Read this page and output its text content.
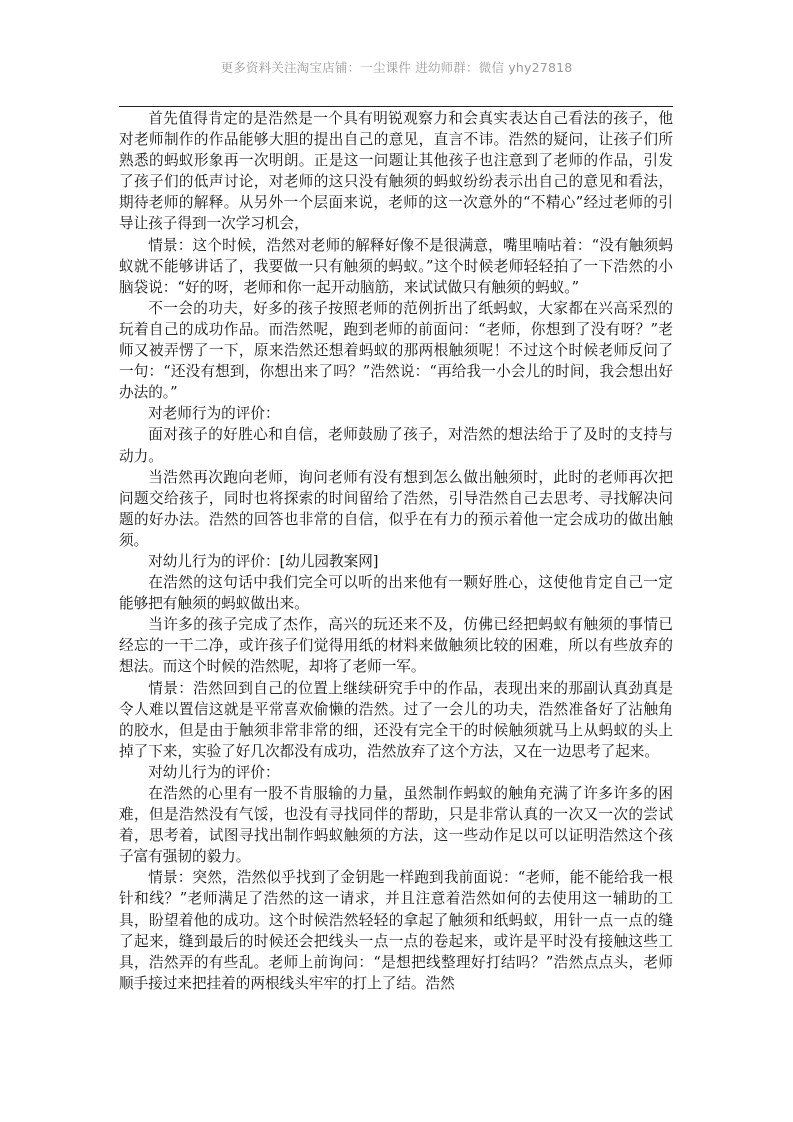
更多资料关注淘宝店铺：一尘课件 进幼师群：微信 yhy27818

首先值得肯定的是浩然是一个具有明锐观察力和会真实表达自己看法的孩子，他对老师制作的作品能够大胆的提出自己的意见，直言不讳。浩然的疑问，让孩子们所熟悉的蚂蚁形象再一次明朗。正是这一问题让其他孩子也注意到了老师的作品，引发了孩子们的低声讨论，对老师的这只没有触须的蚂蚁纷纷表示出自己的意见和看法，期待老师的解释。从另外一个层面来说，老师的这一次意外的“不精心”经过老师的引导让孩子得到一次学习机会，

情景：这个时候，浩然对老师的解释好像不是很满意，嘴里喃咕着：“没有触须蚂蚁就不能够讲话了，我要做一只有触须的蚂蚁。”这个时候老师轻轻拍了一下浩然的小脑袋说：“好的呀，老师和你一起开动脑筋，来试试做只有触须的蚂蚁。”

不一会的功夫，好多的孩子按照老师的范例折出了纸蚂蚁，大家都在兴高采烈的玩着自己的成功作品。而浩然呢，跑到老师的前面问：“老师，你想到了没有呀？”老师又被弄愣了一下，原来浩然还想着蚂蚁的那两根触须呢！不过这个时候老师反问了一句：“还没有想到，你想出来了吗？”浩然说：“再给我一小会儿的时间，我会想出好办法的。”

对老师行为的评价：

面对孩子的好胜心和自信，老师鼓励了孩子，对浩然的想法给于了及时的支持与动力。

当浩然再次跑向老师，询问老师有没有想到怎么做出触须时，此时的老师再次把问题交给孩子，同时也将探索的时间留给了浩然，引导浩然自己去思考、寻找解决问题的好办法。浩然的回答也非常的自信，似乎在有力的预示着他一定会成功的做出触须。

对幼儿行为的评价：[幼儿园教案网]

在浩然的这句话中我们完全可以听的出来他有一颗好胜心，这使他肯定自己一定能够把有触须的蚂蚁做出来。

当许多的孩子完成了杰作，高兴的玩还来不及，仿佛已经把蚂蚁有触须的事情已经忘的一干二净，或许孩子们觉得用纸的材料来做触须比较的困难，所以有些放弃的想法。而这个时候的浩然呢，却将了老师一军。

情景：浩然回到自己的位置上继续研究手中的作品，表现出来的那副认真劲真是令人难以置信这就是平常喜欢偷懒的浩然。过了一会儿的功夫，浩然准备好了沾触角的胶水，但是由于触须非常非常的细，还没有完全干的时候触须就马上从蚂蚁的头上掉了下来，实验了好几次都没有成功，浩然放弃了这个方法，又在一边思考了起来。

对幼儿行为的评价：

在浩然的心里有一股不肯服输的力量，虽然制作蚂蚁的触角充满了许多许多的困难，但是浩然没有气馁，也没有寻找同伴的帮助，只是非常认真的一次又一次的尝试着，思考着，试图寻找出制作蚂蚁触须的方法，这一些动作足以可以证明浩然这个孩子富有强韧的毅力。

情景：突然，浩然似乎找到了金钥匙一样跑到我前面说：“老师，能不能给我一根针和线？”老师满足了浩然的这一请求，并且注意着浩然如何的去使用这一辅助的工具，盼望着他的成功。这个时候浩然轻轻的拿起了触须和纸蚂蚁，用针一点一点的缝了起来，缝到最后的时候还会把线头一点一点的卷起来，或许是平时没有接触这些工具，浩然弄的有些乱。老师上前询问：“是想把线整理好打结吗？”浩然点点头，老师顺手接过来把挂着的两根线头牢牢的打上了结。浩然
